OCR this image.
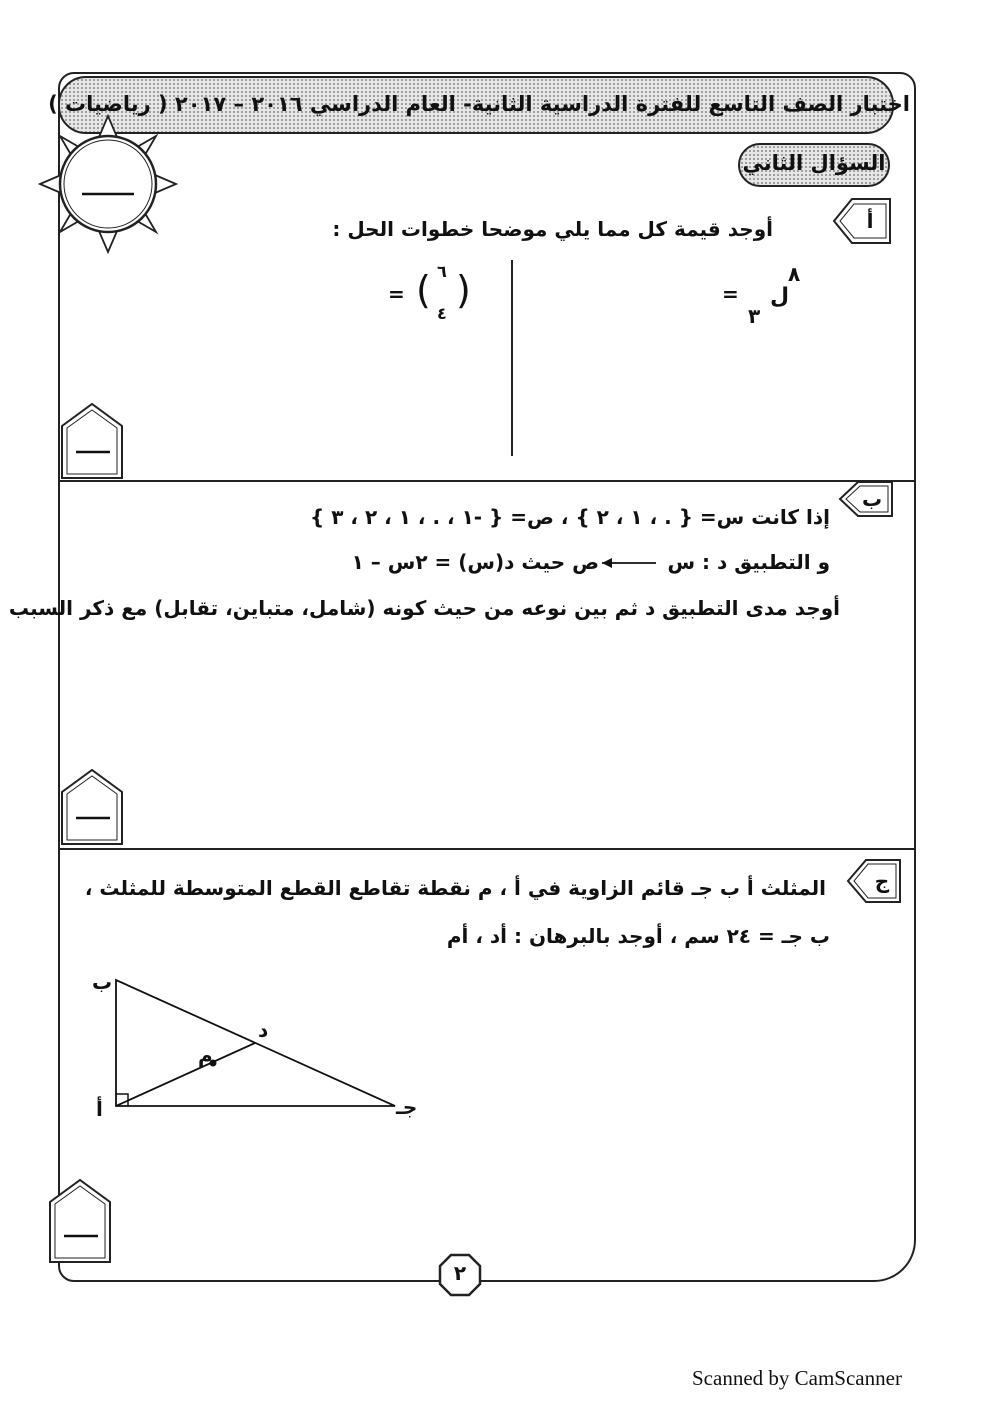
اختبار الصف التاسع للفترة الدراسية الثانية- العام الدراسي ٢٠١٦ – ٢٠١٧ ( رياضيات )
السؤال الثاني
أ
أوجد قيمة كل مما يلي موضحا خطوات الحل :
=
٣
ل
٨
= ( ٦
٤
)
ب
إذا كانت س= { . ، ١ ، ٢ } ، ص= { -١ ، . ، ١ ، ٢ ، ٣ }
و التطبيق د : س
ص حيث د(س) = ٢س – ١
أوجد مدى التطبيق د ثم بين نوعه من حيث كونه (شامل، متباين، تقابل) مع ذكر السبب
ج
المثلث أ ب جـ قائم الزاوية في أ ، م نقطة تقاطع القطع المتوسطة للمثلث ،
ب جـ = ٢٤ سم ، أوجد بالبرهان : أد ، أم
ب
أ	جـ
د
م
٢
Scanned by CamScanner
